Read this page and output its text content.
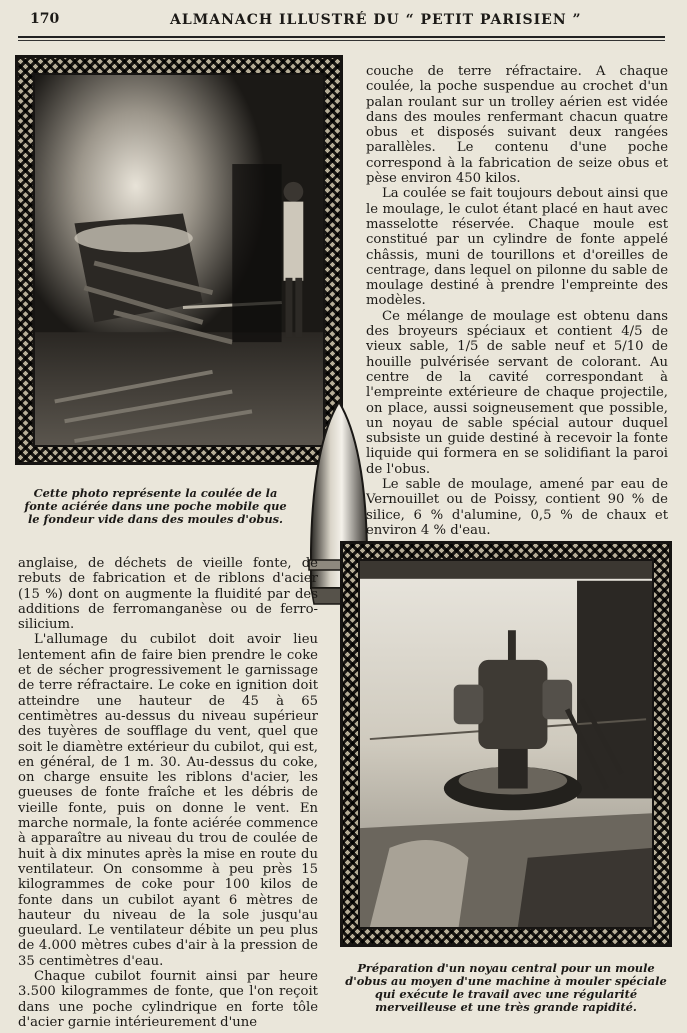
170	ALMANACH ILLUSTRÉ DU “ PETIT PARISIEN ”
Cette photo représente la coulée de la fonte aciérée dans une poche mobile que le fondeur vide dans des moules d'obus.

couche de terre réfractaire. A chaque coulée, la poche suspendue au crochet d'un palan roulant sur un trolley aérien est vidée dans des moules renfermant chacun quatre obus et disposés suivant deux rangées parallèles. Le contenu d'une poche correspond à la fabrication de seize obus et pèse environ 450 kilos.

La coulée se fait toujours debout ainsi que le moulage, le culot étant placé en haut avec masselotte réservée. Chaque moule est constitué par un cylindre de fonte appelé châssis, muni de tourillons et d'oreilles de centrage, dans lequel on pilonne du sable de moulage destiné à prendre l'empreinte des modèles.

Ce mélange de moulage est obtenu dans des broyeurs spéciaux et contient 4/5 de vieux sable, 1/5 de sable neuf et 5/10 de houille pulvérisée servant de colorant. Au centre de la cavité correspondant à l'empreinte extérieure de chaque projectile, on place, aussi soigneusement que possible, un noyau de sable spécial autour duquel subsiste un guide destiné à recevoir la fonte liquide qui formera en se solidifiant la paroi de l'obus.

Le sable de moulage, amené par eau de Vernouillet ou de Poissy, contient 90 % de silice, 6 % d'alumine, 0,5 % de chaux et environ 4 % d'eau.

anglaise, de déchets de vieille fonte, de rebuts de fabrication et de riblons d'acier (15 %) dont on augmente la fluidité par des additions de ferromanganèse ou de ferro-silicium.

L'allumage du cubilot doit avoir lieu lentement afin de faire bien prendre le coke et de sécher progressivement le garnissage de terre réfractaire. Le coke en ignition doit atteindre une hauteur de 45 à 65 centimètres au-dessus du niveau supérieur des tuyères de soufflage du vent, quel que soit le diamètre extérieur du cubilot, qui est, en général, de 1 m. 30. Au-dessus du coke, on charge ensuite les riblons d'acier, les gueuses de fonte fraîche et les débris de vieille fonte, puis on donne le vent. En marche normale, la fonte aciérée commence à apparaître au niveau du trou de coulée de huit à dix minutes après la mise en route du ventilateur. On consomme à peu près 15 kilogrammes de coke pour 100 kilos de fonte dans un cubilot ayant 6 mètres de hauteur du niveau de la sole jusqu'au gueulard. Le ventilateur débite un peu plus de 4.000 mètres cubes d'air à la pression de 35 centimètres d'eau.

Chaque cubilot fournit ainsi par heure 3.500 kilogrammes de fonte, que l'on reçoit dans une poche cylindrique en forte tôle d'acier garnie intérieurement d'une

Préparation d'un noyau central pour un moule d'obus au moyen d'une machine à mouler spéciale qui exécute le travail avec une régularité merveilleuse et une très grande rapidité.
